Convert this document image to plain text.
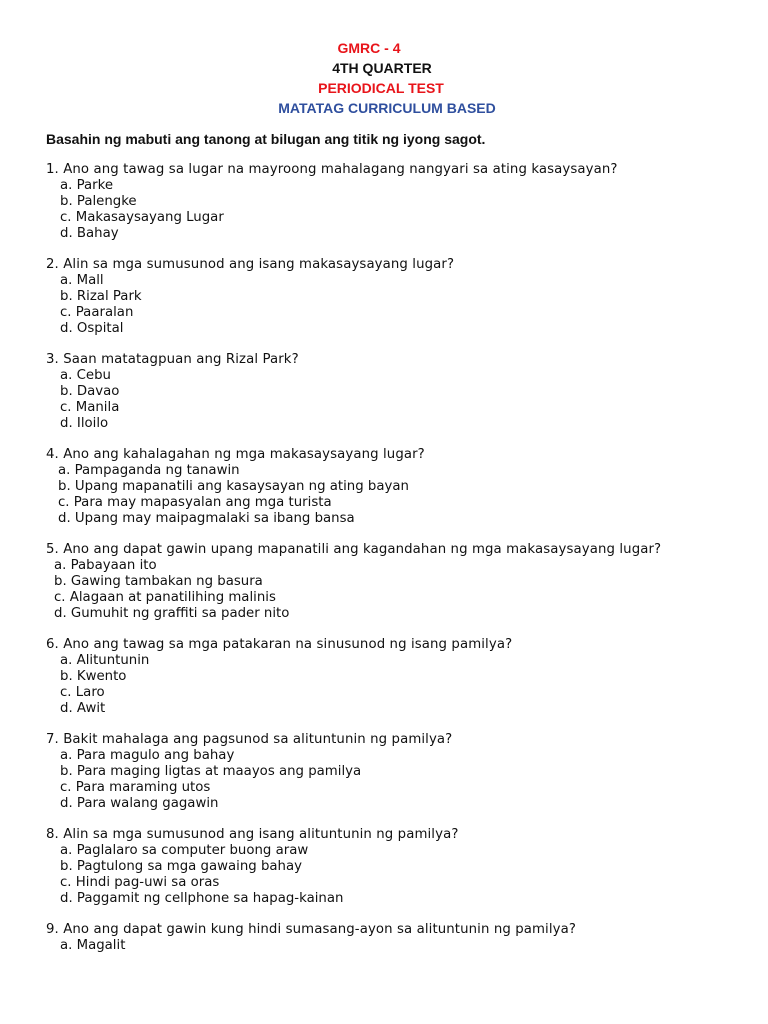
GMRC - 4
4TH QUARTER
PERIODICAL TEST
MATATAG CURRICULUM BASED
Basahin ng mabuti ang tanong at bilugan ang titik ng iyong sagot.
1. Ano ang tawag sa lugar na mayroong mahalagang nangyari sa ating kasaysayan?
a. Parke
b. Palengke
c. Makasaysayang Lugar
d. Bahay
2. Alin sa mga sumusunod ang isang makasaysayang lugar?
a. Mall
b. Rizal Park
c. Paaralan
d. Ospital
3. Saan matatagpuan ang Rizal Park?
a. Cebu
b. Davao
c. Manila
d. Iloilo
4. Ano ang kahalagahan ng mga makasaysayang lugar?
a. Pampaganda ng tanawin
b. Upang mapanatili ang kasaysayan ng ating bayan
c. Para may mapasyalan ang mga turista
d. Upang may maipagmalaki sa ibang bansa
5. Ano ang dapat gawin upang mapanatili ang kagandahan ng mga makasaysayang lugar?
a. Pabayaan ito
b. Gawing tambakan ng basura
c. Alagaan at panatilihing malinis
d. Gumuhit ng graffiti sa pader nito
6. Ano ang tawag sa mga patakaran na sinusunod ng isang pamilya?
a. Alituntunin
b. Kwento
c. Laro
d. Awit
7. Bakit mahalaga ang pagsunod sa alituntunin ng pamilya?
a. Para magulo ang bahay
b. Para maging ligtas at maayos ang pamilya
c. Para maraming utos
d. Para walang gagawin
8. Alin sa mga sumusunod ang isang alituntunin ng pamilya?
a. Paglalaro sa computer buong araw
b. Pagtulong sa mga gawaing bahay
c. Hindi pag-uwi sa oras
d. Paggamit ng cellphone sa hapag-kainan
9. Ano ang dapat gawin kung hindi sumasang-ayon sa alituntunin ng pamilya?
a. Magalit
